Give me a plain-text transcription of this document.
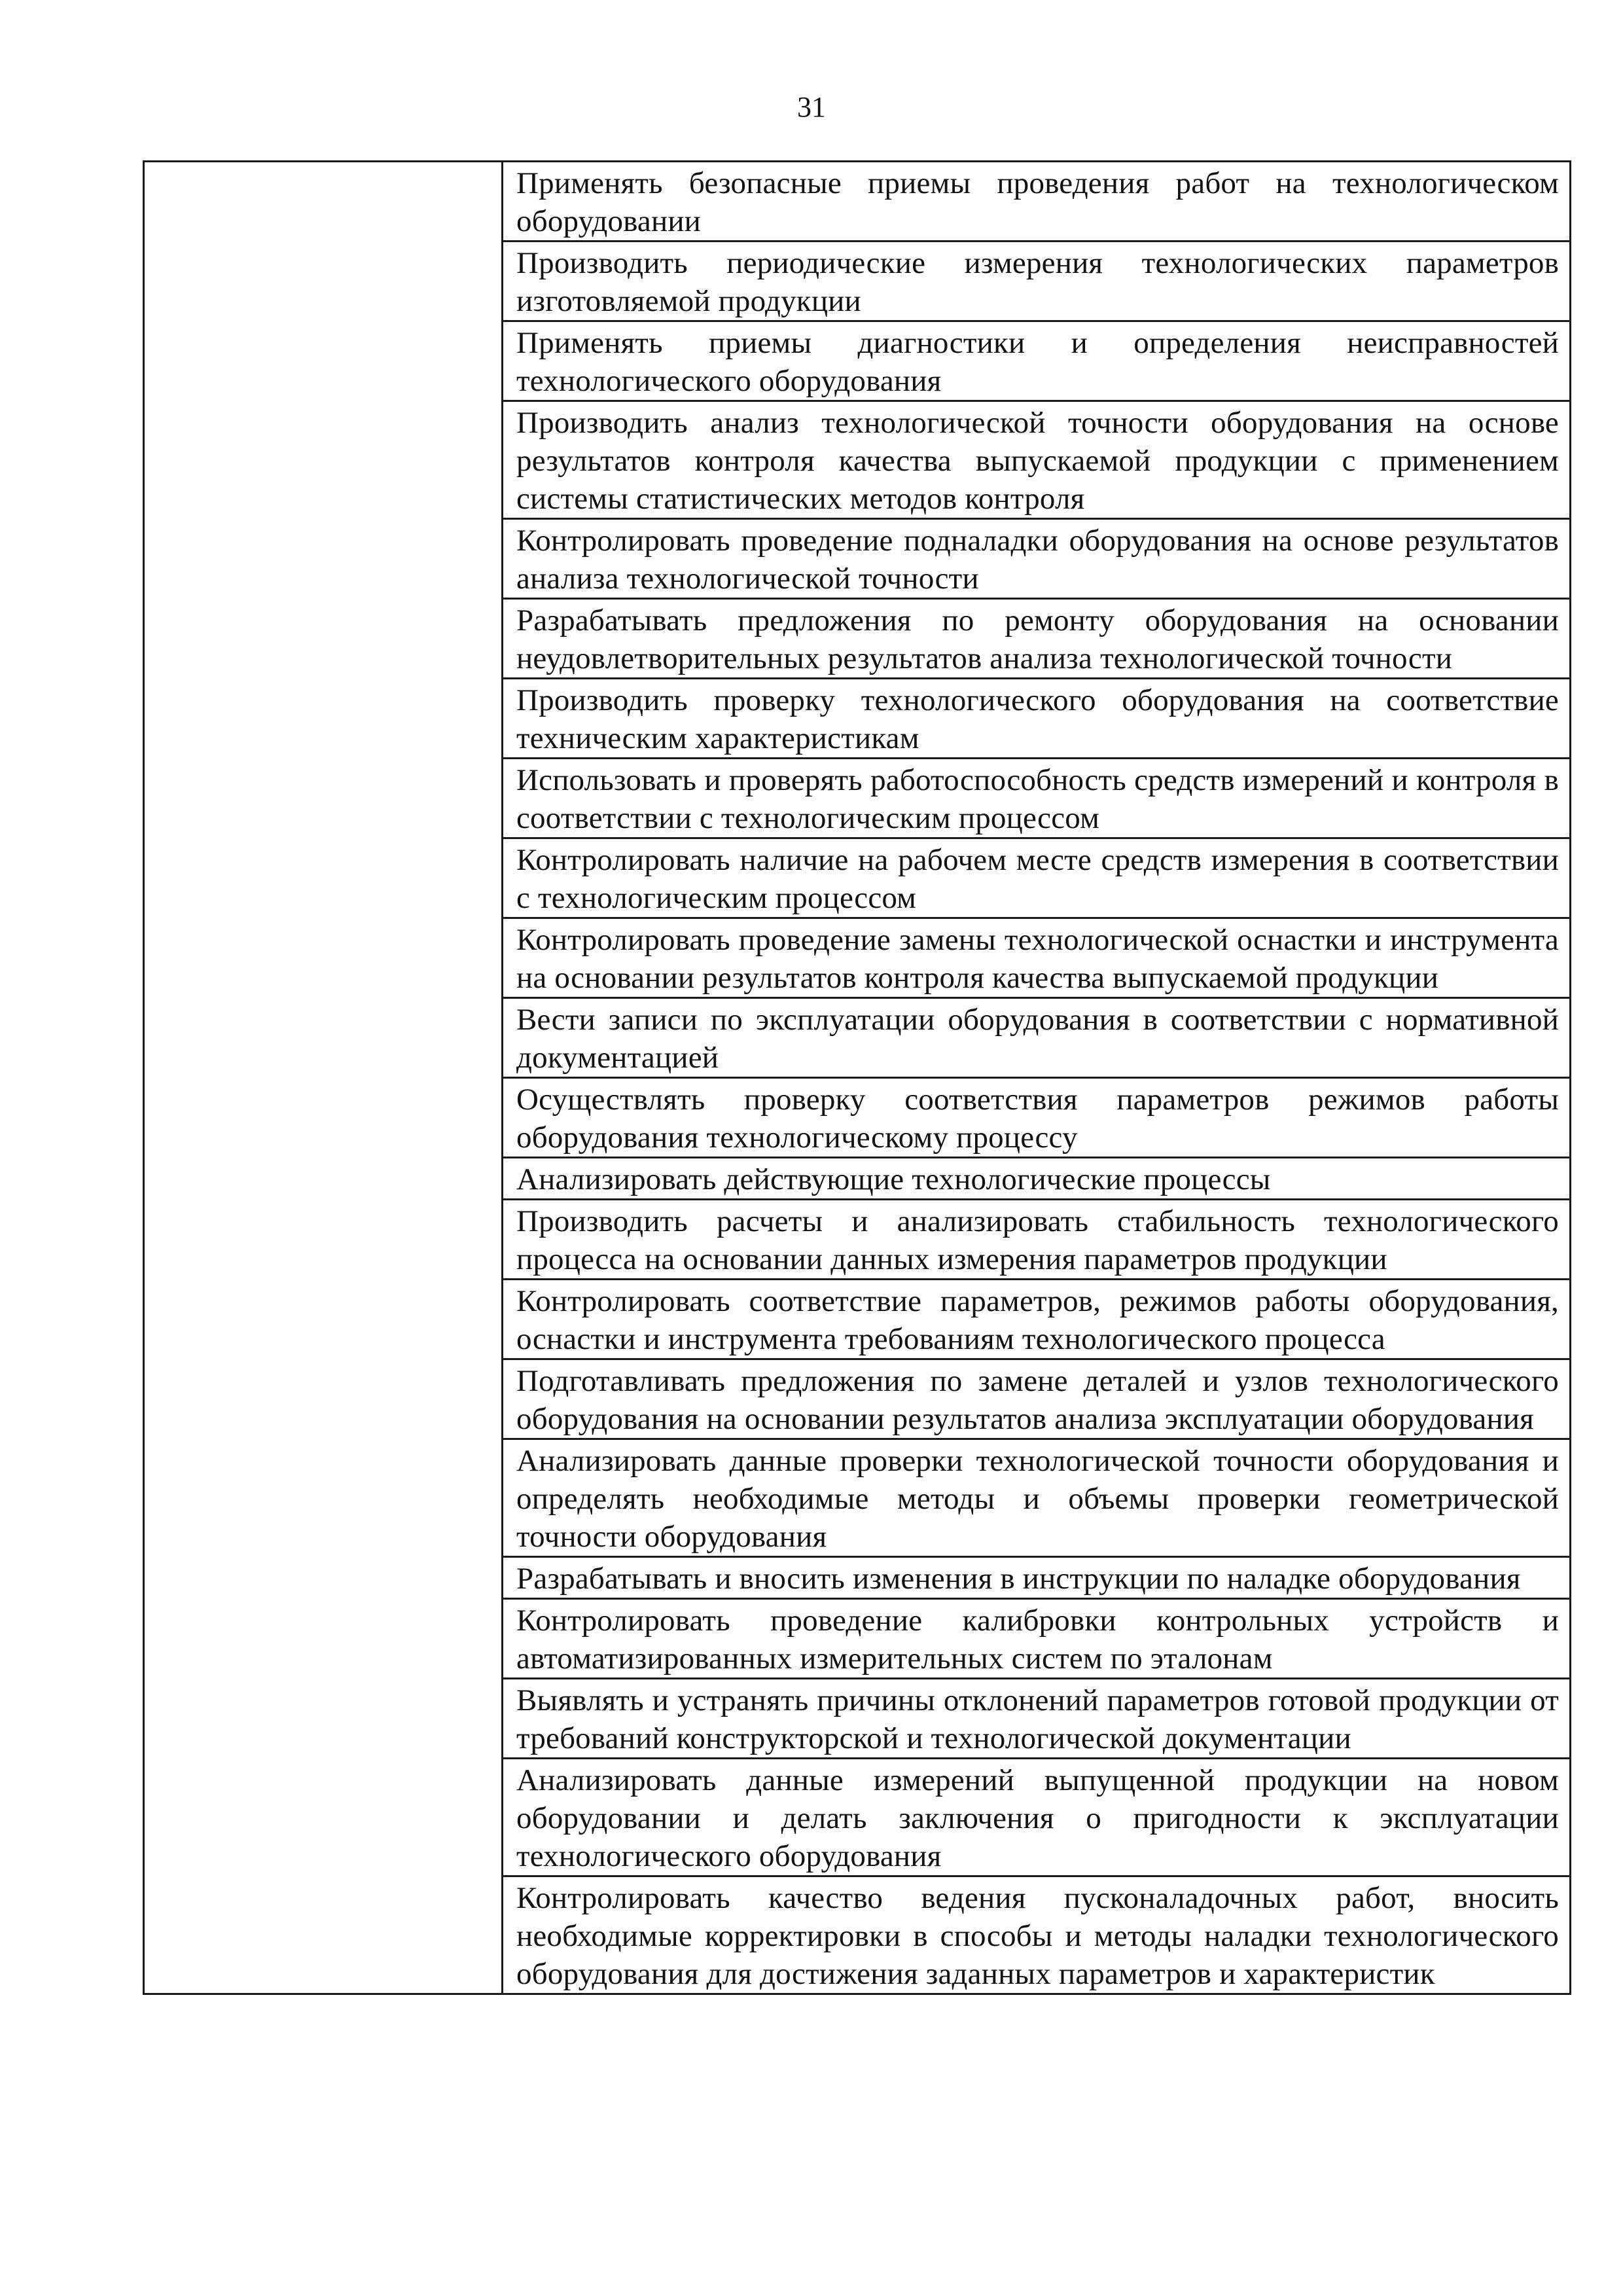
31

Применять безопасные приемы проведения работ на технологическом оборудовании

Производить периодические измерения технологических параметров изготовляемой продукции

Применять приемы диагностики и определения неисправностей технологического оборудования

Производить анализ технологической точности оборудования на основе результатов контроля качества выпускаемой продукции с применением системы статистических методов контроля

Контролировать проведение подналадки оборудования на основе результатов анализа технологической точности

Разрабатывать предложения по ремонту оборудования на основании неудовлетворительных результатов анализа технологической точности

Производить проверку технологического оборудования на соответствие техническим характеристикам

Использовать и проверять работоспособность средств измерений и контроля в соответствии с технологическим процессом

Контролировать наличие на рабочем месте средств измерения в соответствии с технологическим процессом

Контролировать проведение замены технологической оснастки и инструмента на основании результатов контроля качества выпускаемой продукции

Вести записи по эксплуатации оборудования в соответствии с нормативной документацией

Осуществлять проверку соответствия параметров режимов работы оборудования технологическому процессу

Анализировать действующие технологические процессы

Производить расчеты и анализировать стабильность технологического процесса на основании данных измерения параметров продукции

Контролировать соответствие параметров, режимов работы оборудования, оснастки и инструмента требованиям технологического процесса

Подготавливать предложения по замене деталей и узлов технологического оборудования на основании результатов анализа эксплуатации оборудования

Анализировать данные проверки технологической точности оборудования и определять необходимые методы и объемы проверки геометрической точности оборудования

Разрабатывать и вносить изменения в инструкции по наладке оборудования

Контролировать проведение калибровки контрольных устройств и автоматизированных измерительных систем по эталонам

Выявлять и устранять причины отклонений параметров готовой продукции от требований конструкторской и технологической документации

Анализировать данные измерений выпущенной продукции на новом оборудовании и делать заключения о пригодности к эксплуатации технологического оборудования

Контролировать качество ведения пусконаладочных работ, вносить необходимые корректировки в способы и методы наладки технологического оборудования для достижения заданных параметров и характеристик
